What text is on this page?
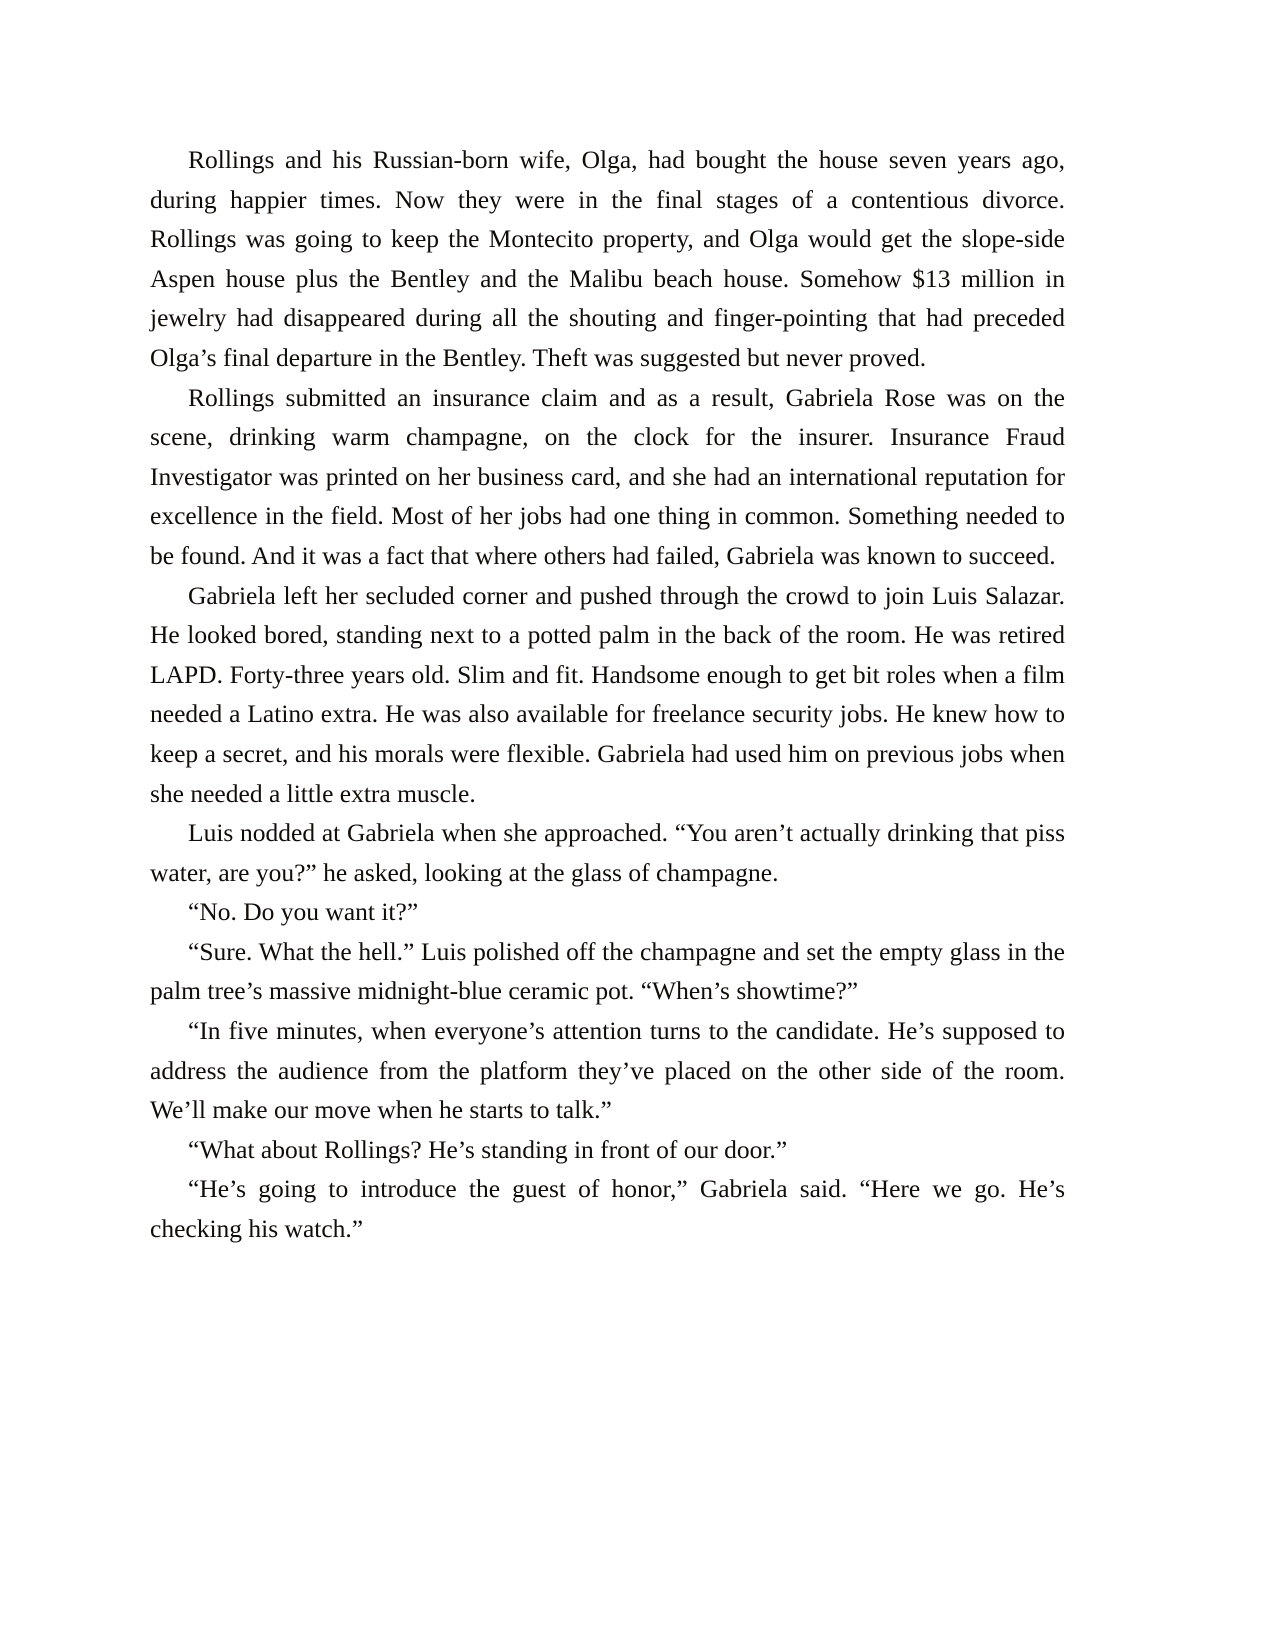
Rollings and his Russian-born wife, Olga, had bought the house seven years ago, during happier times. Now they were in the final stages of a contentious divorce. Rollings was going to keep the Montecito property, and Olga would get the slope-side Aspen house plus the Bentley and the Malibu beach house. Somehow $13 million in jewelry had disappeared during all the shouting and finger-pointing that had preceded Olga’s final departure in the Bentley. Theft was suggested but never proved.

Rollings submitted an insurance claim and as a result, Gabriela Rose was on the scene, drinking warm champagne, on the clock for the insurer. Insurance Fraud Investigator was printed on her business card, and she had an international reputation for excellence in the field. Most of her jobs had one thing in common. Something needed to be found. And it was a fact that where others had failed, Gabriela was known to succeed.

Gabriela left her secluded corner and pushed through the crowd to join Luis Salazar. He looked bored, standing next to a potted palm in the back of the room. He was retired LAPD. Forty-three years old. Slim and fit. Handsome enough to get bit roles when a film needed a Latino extra. He was also available for freelance security jobs. He knew how to keep a secret, and his morals were flexible. Gabriela had used him on previous jobs when she needed a little extra muscle.

Luis nodded at Gabriela when she approached. “You aren’t actually drinking that piss water, are you?” he asked, looking at the glass of champagne.

“No. Do you want it?”

“Sure. What the hell.” Luis polished off the champagne and set the empty glass in the palm tree’s massive midnight-blue ceramic pot. “When’s showtime?”

“In five minutes, when everyone’s attention turns to the candidate. He’s supposed to address the audience from the platform they’ve placed on the other side of the room. We’ll make our move when he starts to talk.”

“What about Rollings? He’s standing in front of our door.”

“He’s going to introduce the guest of honor,” Gabriela said. “Here we go. He’s checking his watch.”
